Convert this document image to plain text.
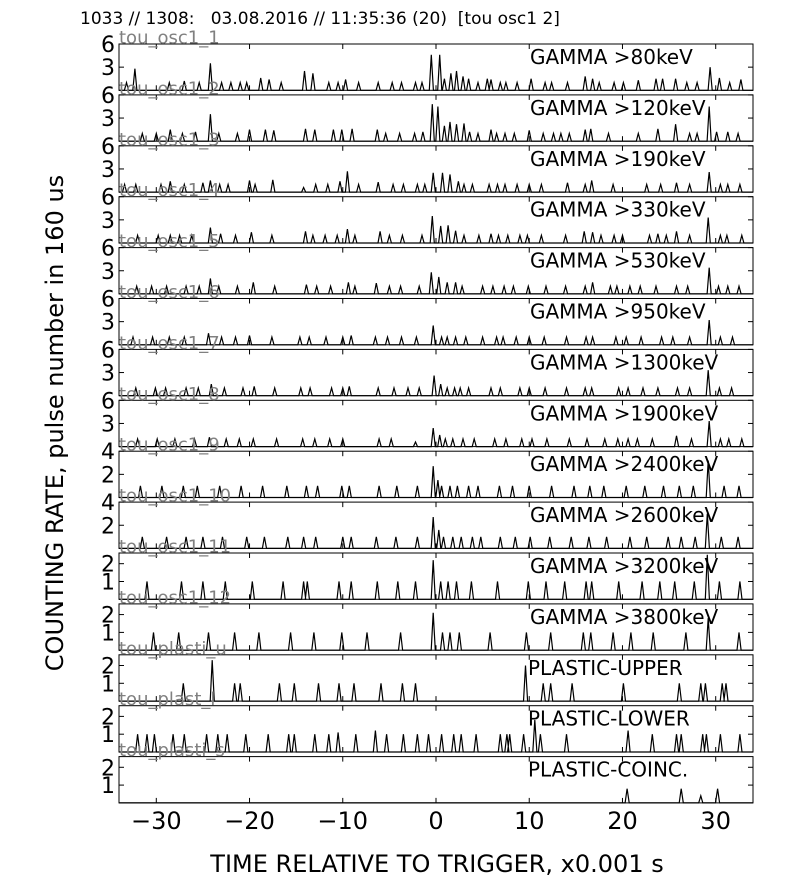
1033 // 1308:   03.08.2016 // 11:35:36 (20)  [tou osc1 2]
3
6	GAMMA >80keV
tou_osc1_1
3
6	GAMMA >120keV
tou_osc1_2
3
6	GAMMA >190keV
tou_osc1_3
3
6	GAMMA >330keV
tou_osc1_4
3
6	GAMMA >530keV
tou_osc1_5
3
6	GAMMA >950keV
tou_osc1_6
3
6	GAMMA >1300keV
tou_osc1_7
3
6	GAMMA >1900keV
tou_osc1_8
2
4	GAMMA >2400keV
tou_osc1_9
2
4	GAMMA >2600keV
tou_osc1_10
1
2	GAMMA >3200keV
tou_osc1_11
1
2	GAMMA >3800keV
tou_osc1_12
1
2	PLASTIC-UPPER
tou_plasti_u
1
2	PLASTIC-LOWER
tou_plast_l
1
2	PLASTIC-COINC.
tou_plasti_s
−30 −20 −10	0	10	20	30
COUNTING RATE, pulse number in 160 us
TIME RELATIVE TO TRIGGER, x0.001 s
